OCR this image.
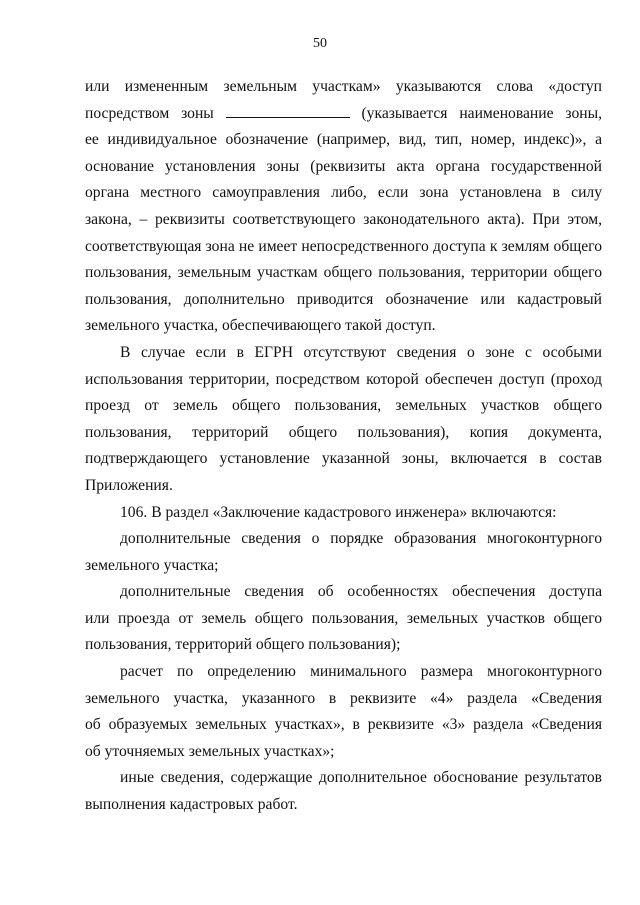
50
или измененным земельным участкам» указываются слова «доступ
посредством зоны	(указывается наименование зоны,
ее индивидуальное обозначение (например, вид, тип, номер, индекс)», а
основание установления зоны (реквизиты акта органа государственной
органа местного самоуправления либо, если зона установлена в силу
закона, – реквизиты соответствующего законодательного акта). При этом,
соответствующая зона не имеет непосредственного доступа к землям общего
пользования, земельным участкам общего пользования, территории общего
пользования, дополнительно приводится обозначение или кадастровый
земельного участка, обеспечивающего такой доступ.
В случае если в ЕГРН отсутствуют сведения о зоне с особыми
использования территории, посредством которой обеспечен доступ (проход
проезд от земель общего пользования, земельных участков общего
пользования, территорий общего пользования), копия документа,
подтверждающего установление указанной зоны, включается в состав
Приложения.
106. В раздел «Заключение кадастрового инженера» включаются:
дополнительные сведения о порядке образования многоконтурного
земельного участка;
дополнительные сведения об особенностях обеспечения доступа
или проезда от земель общего пользования, земельных участков общего
пользования, территорий общего пользования);
расчет по определению минимального размера многоконтурного
земельного участка, указанного в реквизите «4» раздела «Сведения
об образуемых земельных участках», в реквизите «3» раздела «Сведения
об уточняемых земельных участках»;
иные сведения, содержащие дополнительное обоснование результатов
выполнения кадастровых работ.
